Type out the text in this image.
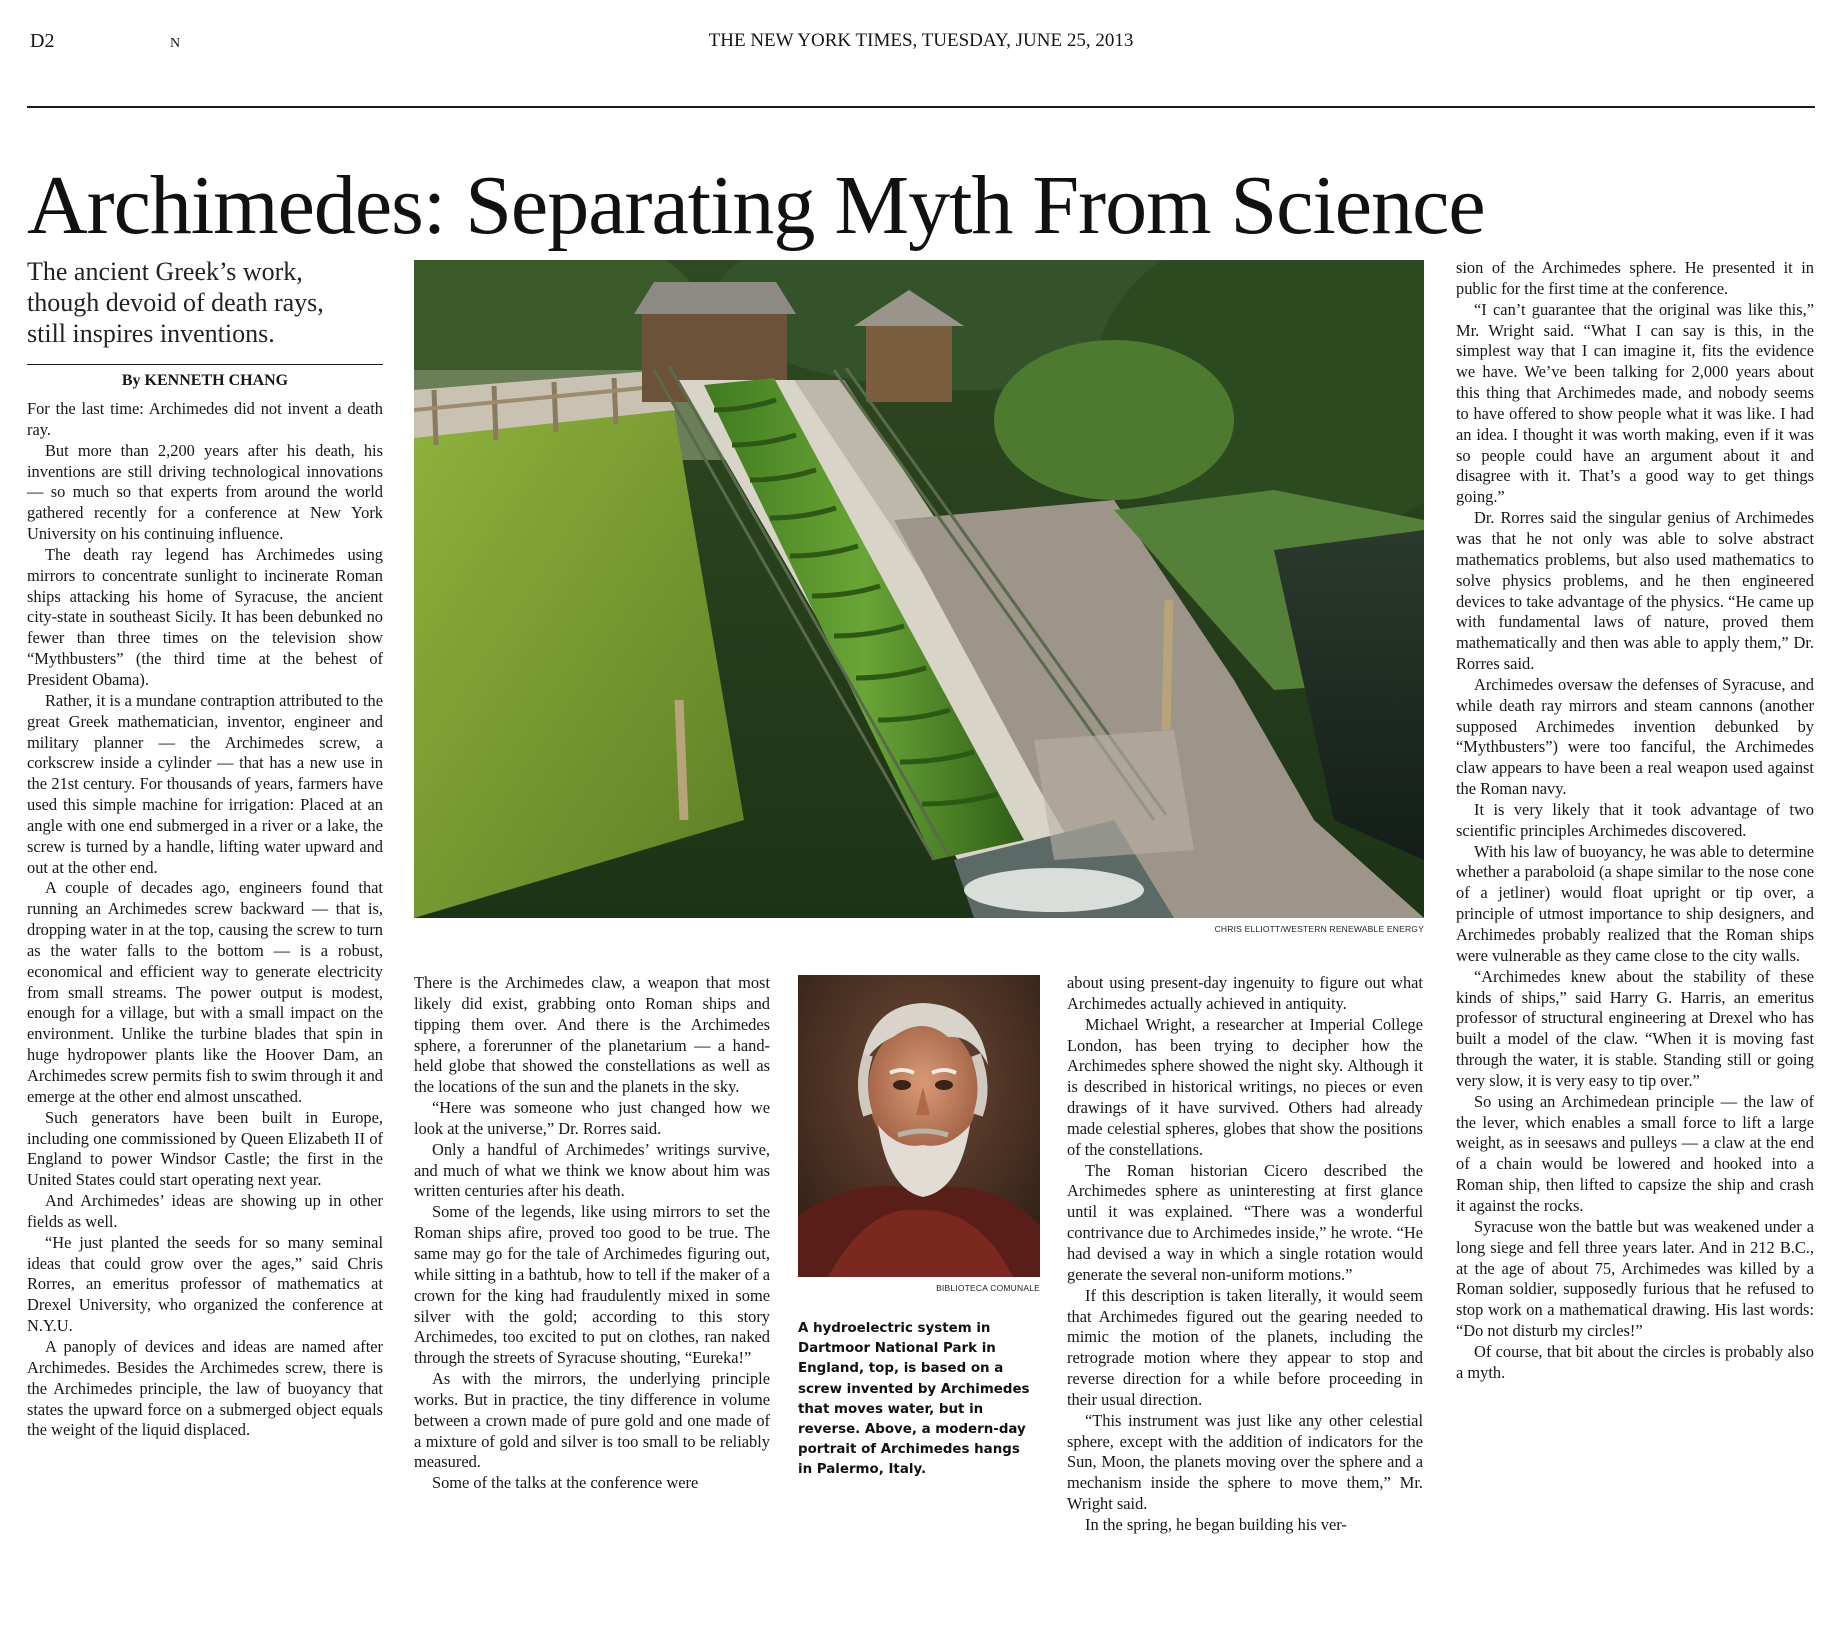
D2	N	THE NEW YORK TIMES, TUESDAY, JUNE 25, 2013
Archimedes: Separating Myth From Science
The ancient Greek’s work,
though devoid of death rays,
still inspires inventions.
By KENNETH CHANG

For the last time: Archimedes did not invent a death ray.

But more than 2,200 years after his death, his inventions are still driving technological innovations — so much so that experts from around the world gathered recently for a conference at New York University on his continuing influence.

The death ray legend has Archimedes using mirrors to concentrate sunlight to incinerate Roman ships attacking his home of Syracuse, the ancient city-state in southeast Sicily. It has been debunked no fewer than three times on the television show “Mythbusters” (the third time at the behest of President Obama).

Rather, it is a mundane contraption attributed to the great Greek mathematician, inventor, engineer and military planner — the Archimedes screw, a corkscrew inside a cylinder — that has a new use in the 21st century. For thousands of years, farmers have used this simple machine for irrigation: Placed at an angle with one end submerged in a river or a lake, the screw is turned by a handle, lifting water upward and out at the other end.

A couple of decades ago, engineers found that running an Archimedes screw backward — that is, dropping water in at the top, causing the screw to turn as the water falls to the bottom — is a robust, economical and efficient way to generate electricity from small streams. The power output is modest, enough for a village, but with a small impact on the environment. Unlike the turbine blades that spin in huge hydropower plants like the Hoover Dam, an Archimedes screw permits fish to swim through it and emerge at the other end almost unscathed.

Such generators have been built in Europe, including one commissioned by Queen Elizabeth II of England to power Windsor Castle; the first in the United States could start operating next year.

And Archimedes’ ideas are showing up in other fields as well.

“He just planted the seeds for so many seminal ideas that could grow over the ages,” said Chris Rorres, an emeritus professor of mathematics at Drexel University, who organized the conference at N.Y.U.

A panoply of devices and ideas are named after Archimedes. Besides the Archimedes screw, there is the Archimedes principle, the law of buoyancy that states the upward force on a submerged object equals the weight of the liquid displaced.

CHRIS ELLIOTT/WESTERN RENEWABLE ENERGY

There is the Archimedes claw, a weapon that most likely did exist, grabbing onto Roman ships and tipping them over. And there is the Archimedes sphere, a forerunner of the planetarium — a hand-held globe that showed the constellations as well as the locations of the sun and the planets in the sky.

“Here was someone who just changed how we look at the universe,” Dr. Rorres said.

Only a handful of Archimedes’ writings survive, and much of what we think we know about him was written centuries after his death.

Some of the legends, like using mirrors to set the Roman ships afire, proved too good to be true. The same may go for the tale of Archimedes figuring out, while sitting in a bathtub, how to tell if the maker of a crown for the king had fraudulently mixed in some silver with the gold; according to this story Archimedes, too excited to put on clothes, ran naked through the streets of Syracuse shouting, “Eureka!”

As with the mirrors, the underlying principle works. But in practice, the tiny difference in volume between a crown made of pure gold and one made of a mixture of gold and silver is too small to be reliably measured.

Some of the talks at the conference were

BIBLIOTECA COMUNALE
A hydroelectric system in
Dartmoor National Park in
England, top, is based on a
screw invented by Archimedes
that moves water, but in
reverse. Above, a modern-day
portrait of Archimedes hangs
in Palermo, Italy.

about using present-day ingenuity to figure out what Archimedes actually achieved in antiquity.

Michael Wright, a researcher at Imperial College London, has been trying to decipher how the Archimedes sphere showed the night sky. Although it is described in historical writings, no pieces or even drawings of it have survived. Others had already made celestial spheres, globes that show the positions of the constellations.

The Roman historian Cicero described the Archimedes sphere as uninteresting at first glance until it was explained. “There was a wonderful contrivance due to Archimedes inside,” he wrote. “He had devised a way in which a single rotation would generate the several non-uniform motions.”

If this description is taken literally, it would seem that Archimedes figured out the gearing needed to mimic the motion of the planets, including the retrograde motion where they appear to stop and reverse direction for a while before proceeding in their usual direction.

“This instrument was just like any other celestial sphere, except with the addition of indicators for the Sun, Moon, the planets moving over the sphere and a mechanism inside the sphere to move them,” Mr. Wright said.

In the spring, he began building his ver-

sion of the Archimedes sphere. He presented it in public for the first time at the conference.

“I can’t guarantee that the original was like this,” Mr. Wright said. “What I can say is this, in the simplest way that I can imagine it, fits the evidence we have. We’ve been talking for 2,000 years about this thing that Archimedes made, and nobody seems to have offered to show people what it was like. I had an idea. I thought it was worth making, even if it was so people could have an argument about it and disagree with it. That’s a good way to get things going.”

Dr. Rorres said the singular genius of Archimedes was that he not only was able to solve abstract mathematics problems, but also used mathematics to solve physics problems, and he then engineered devices to take advantage of the physics. “He came up with fundamental laws of nature, proved them mathematically and then was able to apply them,” Dr. Rorres said.

Archimedes oversaw the defenses of Syracuse, and while death ray mirrors and steam cannons (another supposed Archimedes invention debunked by “Mythbusters”) were too fanciful, the Archimedes claw appears to have been a real weapon used against the Roman navy.

It is very likely that it took advantage of two scientific principles Archimedes discovered.

With his law of buoyancy, he was able to determine whether a paraboloid (a shape similar to the nose cone of a jetliner) would float upright or tip over, a principle of utmost importance to ship designers, and Archimedes probably realized that the Roman ships were vulnerable as they came close to the city walls.

“Archimedes knew about the stability of these kinds of ships,” said Harry G. Harris, an emeritus professor of structural engineering at Drexel who has built a model of the claw. “When it is moving fast through the water, it is stable. Standing still or going very slow, it is very easy to tip over.”

So using an Archimedean principle — the law of the lever, which enables a small force to lift a large weight, as in seesaws and pulleys — a claw at the end of a chain would be lowered and hooked into a Roman ship, then lifted to capsize the ship and crash it against the rocks.

Syracuse won the battle but was weakened under a long siege and fell three years later. And in 212 B.C., at the age of about 75, Archimedes was killed by a Roman soldier, supposedly furious that he refused to stop work on a mathematical drawing. His last words: “Do not disturb my circles!”

Of course, that bit about the circles is probably also a myth.
